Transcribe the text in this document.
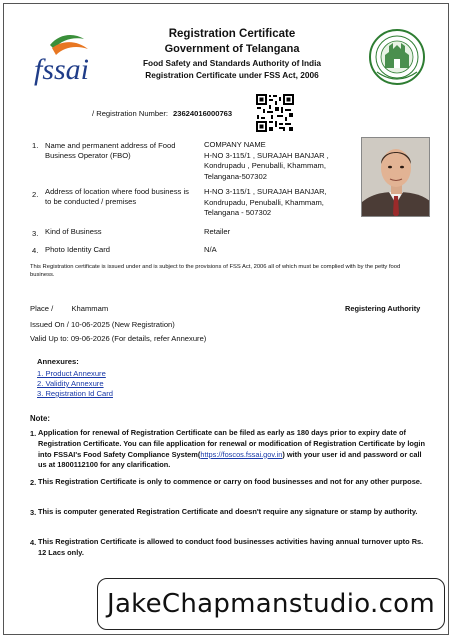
fssai
Registration Certificate
Government of Telangana
Food Safety and Standards Authority of India
Registration Certificate under FSS Act, 2006
/ Registration Number: 23624016000763
1. Name and permanent address of Food Business Operator (FBO)
COMPANY NAME
H-NO 3-115/1 , SURAJAH BANJAR ,
Kondrupadu , Penuballi, Khammam,
Telangana-507302
2. Address of location where food business is to be conducted / premises
H-NO 3-115/1 , SURAJAH BANJAR,
Kondrupadu, Penuballi, Khammam,
Telangana - 507302
3. Kind of Business	Retailer
4. Photo Identity Card	N/A
This Registration certificate is issued under and is subject to the provisions of FSS Act, 2006 all of which must be complied with by the petty food business.
Place / Khammam	Registering Authority
Issued On / 10-06-2025 (New Registration)
Valid Up to: 09-06-2026 (For details, refer Annexure)
Annexures:
1. Product Annexure
2. Validity Annexure
3. Registration Id Card
Note:
1. Application for renewal of Registration Certificate can be filed as early as 180 days prior to expiry date of Registration Certificate. You can file application for renewal or modification of Registration Certificate by login into FSSAI's Food Safety Compliance System(https://foscos.fssai.gov.in) with your user id and password or call us at 1800112100 for any clarification.
2. This Registration Certificate is only to commence or carry on food businesses and not for any other purpose.
3. This is computer generated Registration Certificate and doesn't require any signature or stamp by authority.
4. This Registration Certificate is allowed to conduct food businesses activities having annual turnover upto Rs. 12 Lacs only.
JakeChapmanstudio.com
